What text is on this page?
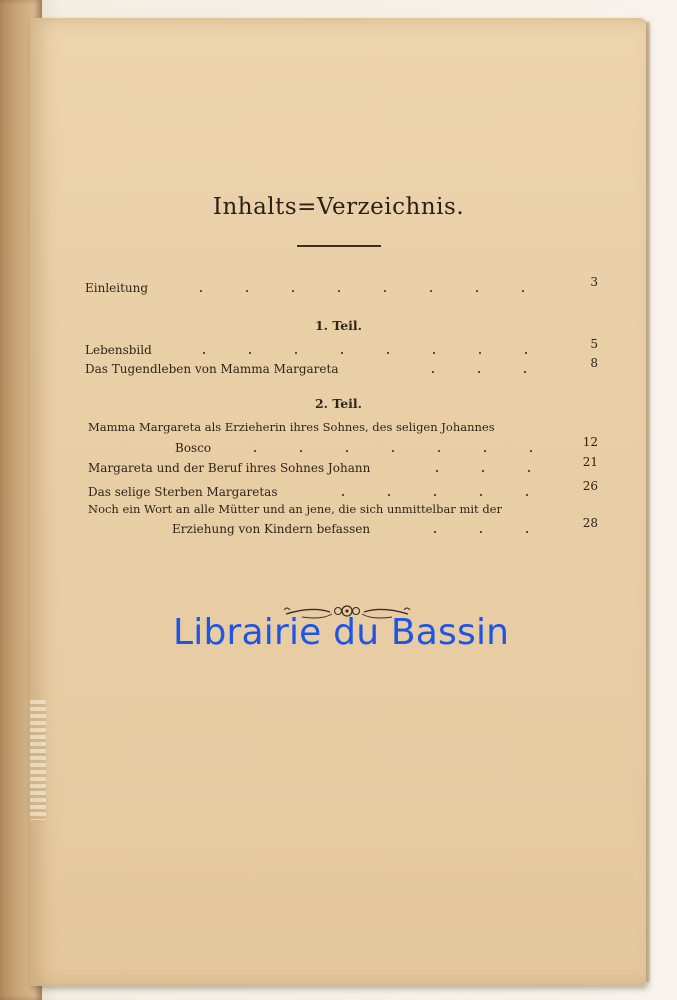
Inhalts=Verzeichnis.
Einleitung	3
1. Teil.
Lebensbild	5
Das Tugendleben von Mamma Margareta	8
2. Teil.
Mamma Margareta als Erzieherin ihres Sohnes, des seligen Johannes
Bosco	12
Margareta und der Beruf ihres Sohnes Johann	21
Das selige Sterben Margaretas	26
Noch ein Wort an alle Mütter und an jene, die sich unmittelbar mit der
Erziehung von Kindern befassen	28
Librairie du Bassin
